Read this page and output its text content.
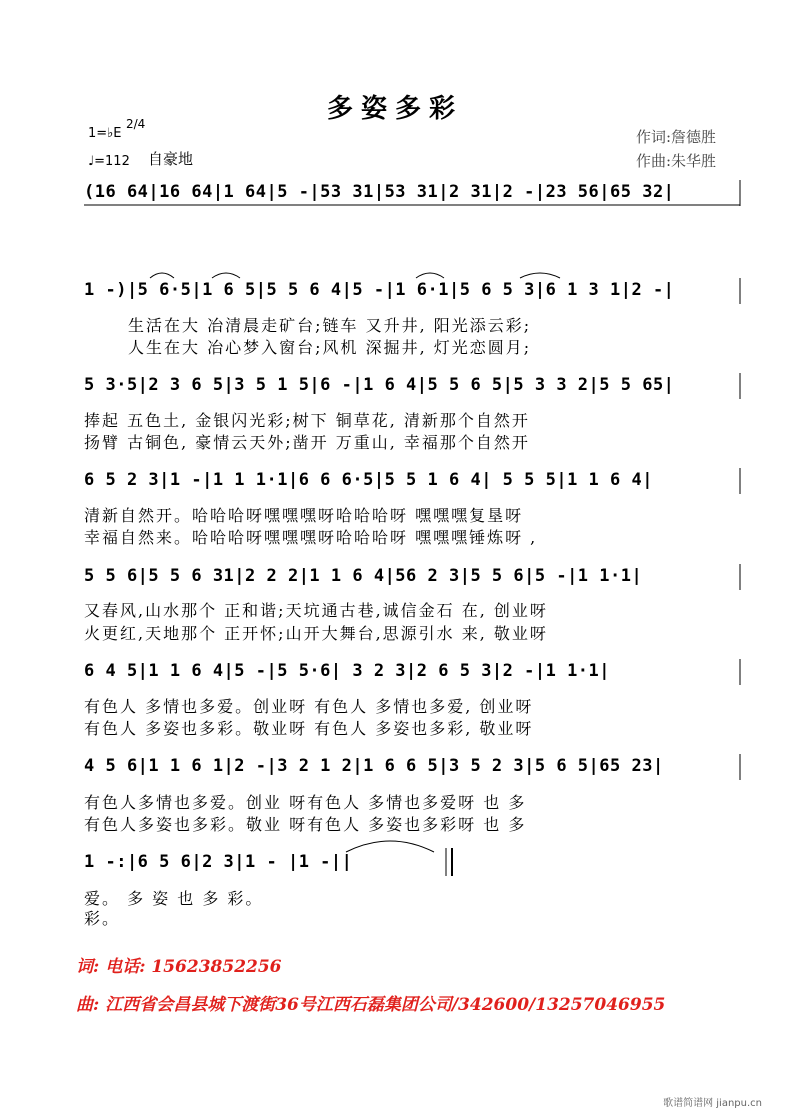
多姿多彩
1=♭E
2/4
♩=112 自豪地
作词:詹德胜
作曲:朱华胜
(16 64|16 64|1 64|5 -|53 31|53 31|2 31|2 -|23 56|65 32|
1 -)|5 6·5|1 6 5|5 5 6 4|5 -|1 6·1|5 6 5 3|6 1 3 1|2 -|
生活在大 冶清晨走矿台;链车 又升井, 阳光添云彩;
人生在大 冶心梦入窗台;风机 深掘井, 灯光恋圆月;
5 3·5|2 3 6 5|3 5 1 5|6 -|1 6 4|5 5 6 5|5 3 3 2|5 5 65|
捧起 五色土, 金银闪光彩;树下 铜草花, 清新那个自然开
扬臂 古铜色, 豪情云天外;凿开 万重山, 幸福那个自然开
6 5 2 3|1 -|1 1 1·1|6 6 6·5|5 5 1 6 4| 5 5 5|1 1 6 4|
清新自然开。哈哈哈呀嘿嘿嘿呀哈哈哈呀 嘿嘿嘿复垦呀
幸福自然来。哈哈哈呀嘿嘿嘿呀哈哈哈呀 嘿嘿嘿锤炼呀 ,
5 5 6|5 5 6 31|2 2 2|1 1 6 4|56 2 3|5 5 6|5 -|1 1·1|
又春风,山水那个 正和谐;天坑通古巷,诚信金石 在, 创业呀
火更红,天地那个 正开怀;山开大舞台,思源引水 来, 敬业呀
6 4 5|1 1 6 4|5 -|5 5·6| 3 2 3|2 6 5 3|2 -|1 1·1|
有色人 多情也多爱。创业呀 有色人 多情也多爱, 创业呀
有色人 多姿也多彩。敬业呀 有色人 多姿也多彩, 敬业呀
4 5 6|1 1 6 1|2 -|3 2 1 2|1 6 6 5|3 5 2 3|5 6 5|65 23|
有色人多情也多爱。创业 呀有色人 多情也多爱呀 也 多
有色人多姿也多彩。敬业 呀有色人 多姿也多彩呀 也 多
1 -:|6 5 6|2 3|1 - |1 -||
爱。 多 姿 也 多 彩。
彩。
词: 电话: 15623852256
曲: 江西省会昌县城下渡街36号江西石磊集团公司/342600/13257046955
歌谱简谱网 jianpu.cn
